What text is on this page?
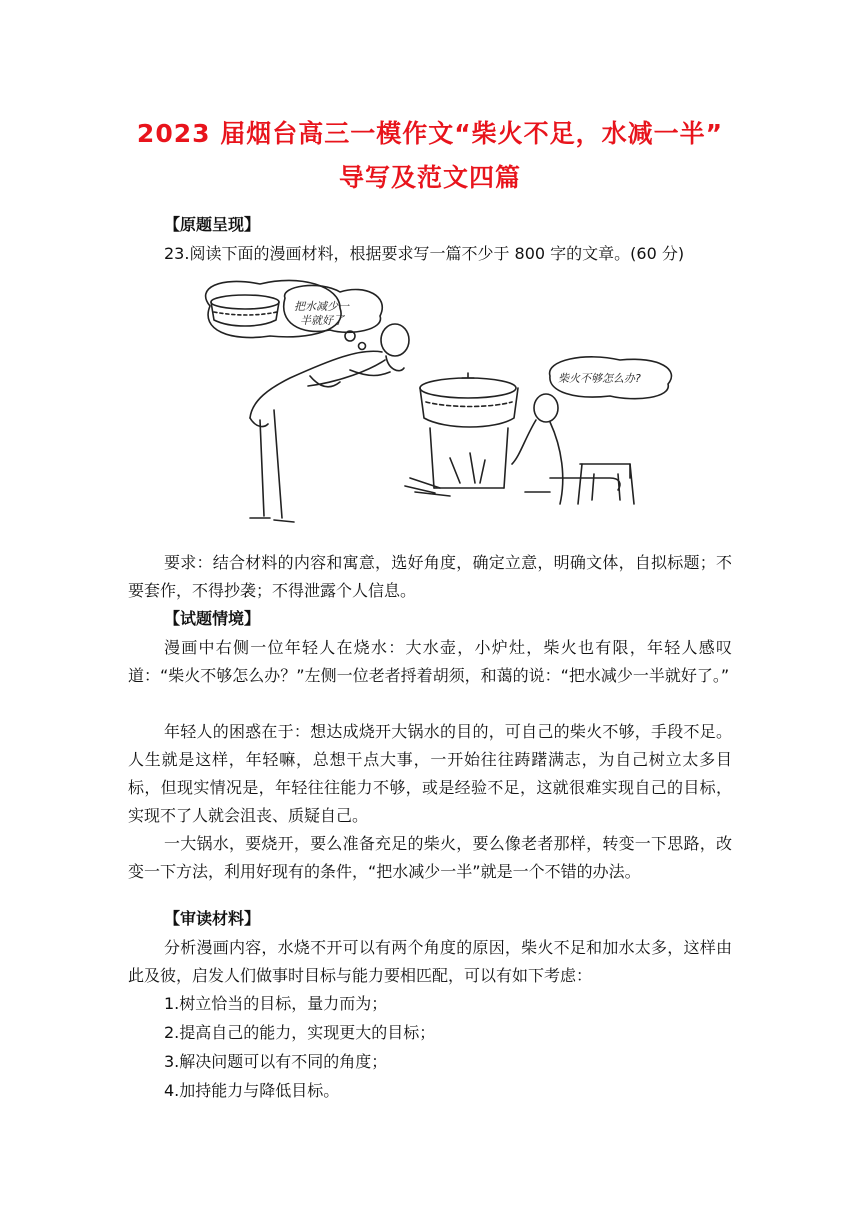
2023 届烟台高三一模作文“柴火不足，水减一半”
导写及范文四篇

【原题呈现】

23.阅读下面的漫画材料，根据要求写一篇不少于 800 字的文章。(60 分)

把水减少一
半就好了
柴火不够怎么办?

要求：结合材料的内容和寓意，选好角度，确定立意，明确文体，自拟标题；不要套作，不得抄袭；不得泄露个人信息。

【试题情境】

漫画中右侧一位年轻人在烧水：大水壶，小炉灶，柴火也有限，年轻人感叹道：“柴火不够怎么办？”左侧一位老者捋着胡须，和蔼的说：“把水减少一半就好了。”

年轻人的困惑在于：想达成烧开大锅水的目的，可自己的柴火不够，手段不足。人生就是这样，年轻嘛，总想干点大事，一开始往往踌躇满志，为自己树立太多目标，但现实情况是，年轻往往能力不够，或是经验不足，这就很难实现自己的目标，实现不了人就会沮丧、质疑自己。

一大锅水，要烧开，要么准备充足的柴火，要么像老者那样，转变一下思路，改变一下方法，利用好现有的条件，“把水减少一半”就是一个不错的办法。

【审读材料】

分析漫画内容，水烧不开可以有两个角度的原因，柴火不足和加水太多，这样由此及彼，启发人们做事时目标与能力要相匹配，可以有如下考虑：

1.树立恰当的目标，量力而为；

2.提高自己的能力，实现更大的目标；

3.解决问题可以有不同的角度；

4.加持能力与降低目标。
